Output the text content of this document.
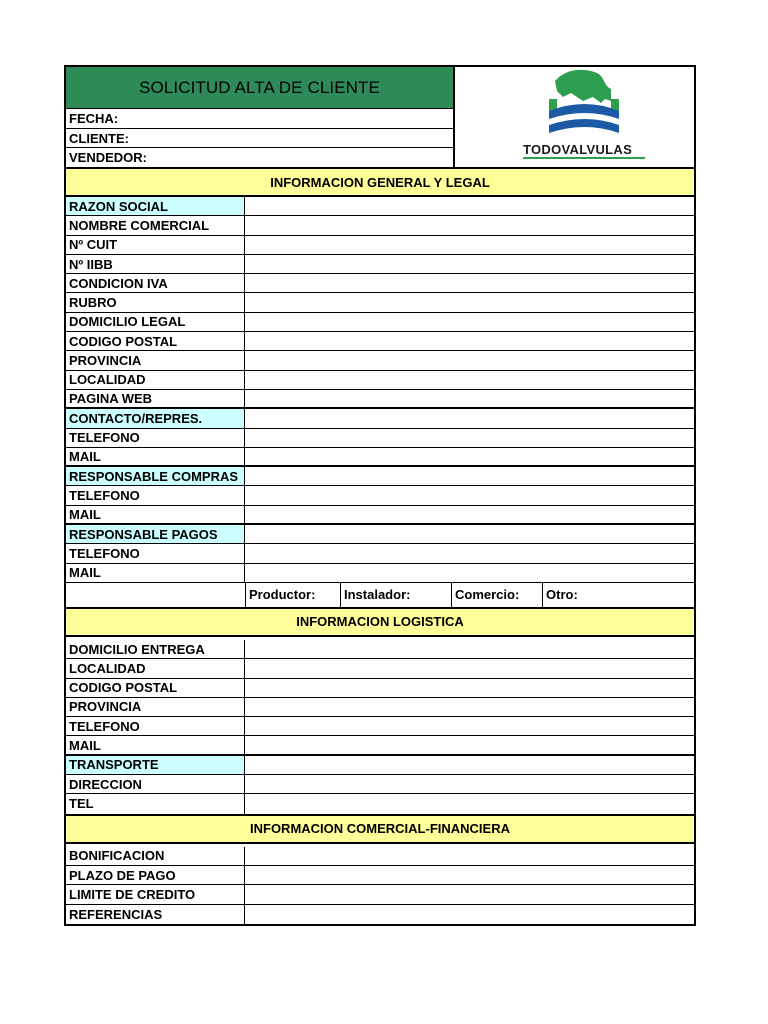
SOLICITUD ALTA DE CLIENTE
FECHA:
CLIENTE:
VENDEDOR:
TODOVALVULAS
INFORMACION GENERAL Y LEGAL
RAZON SOCIAL
NOMBRE COMERCIAL
Nº CUIT
Nº IIBB
CONDICION IVA
RUBRO
DOMICILIO LEGAL
CODIGO POSTAL
PROVINCIA
LOCALIDAD
PAGINA WEB
CONTACTO/REPRES.
TELEFONO
MAIL
RESPONSABLE COMPRAS
TELEFONO
MAIL
RESPONSABLE PAGOS
TELEFONO
MAIL
Productor:	Instalador:	Comercio:	Otro:
INFORMACION LOGISTICA
DOMICILIO ENTREGA
LOCALIDAD
CODIGO POSTAL
PROVINCIA
TELEFONO
MAIL
TRANSPORTE
DIRECCION
TEL
INFORMACION COMERCIAL-FINANCIERA
BONIFICACION
PLAZO DE PAGO
LIMITE DE CREDITO
REFERENCIAS
